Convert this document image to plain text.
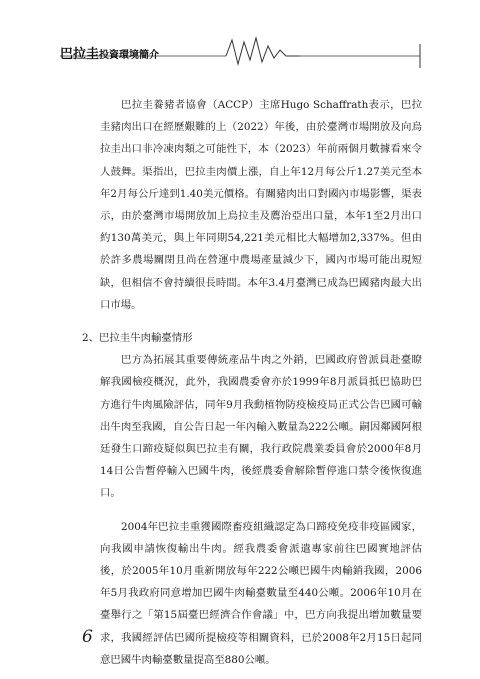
巴拉圭投資環境簡介

巴拉圭養豬者協會（ACCP）主席Hugo Schaffrath表示，巴拉圭豬肉出口在經歷艱難的上（2022）年後，由於臺灣市場開放及向烏拉圭出口非冷凍肉類之可能性下，本（2023）年前兩個月數據看來令人鼓舞。渠指出，巴拉圭肉價上漲，自上年12月每公斤1.27美元至本年2月每公斤達到1.40美元價格。有關豬肉出口對國內市場影響，渠表示，由於臺灣市場開放加上烏拉圭及薦治亞出口量，本年1至2月出口約130萬美元，與上年同期54,221美元相比大幅增加2,337%。但由於許多農場關閉且尚在營運中農場產量減少下，國內市場可能出現短缺，但相信不會持續很長時間。本年3.4月臺灣已成為巴國豬肉最大出口市場。

2、巴拉圭牛肉輸臺情形

巴方為拓展其重要傳統產品牛肉之外銷，巴國政府曾派員赴臺瞭解我國檢疫概況，此外，我國農委會亦於1999年8月派員抵巴協助巴方進行牛肉風險評估，同年9月我動植物防疫檢疫局正式公告巴國可輸出牛肉至我國，自公告日起一年內輸入數量為222公噸。嗣因鄰國阿根廷發生口蹄疫疑似與巴拉圭有關，我行政院農業委員會於2000年8月14日公告暫停輸入巴國牛肉，後經農委會解除暫停進口禁令後恢復進口。

2004年巴拉圭重獲國際畜疫組織認定為口蹄疫免疫非疫區國家，向我國申請恢復輸出牛肉。經我農委會派遣專家前往巴國實地評估後，於2005年10月重新開放每年222公噸巴國牛肉輸銷我國，2006年5月我政府同意增加巴國牛肉輸臺數量至440公噸。2006年10月在臺舉行之「第15屆臺巴經濟合作會議」中，巴方向我提出增加數量要求，我國經評估巴國所提檢疫等相關資料，已於2008年2月15日起同意巴國牛肉輸臺數量提高至880公噸。

6
